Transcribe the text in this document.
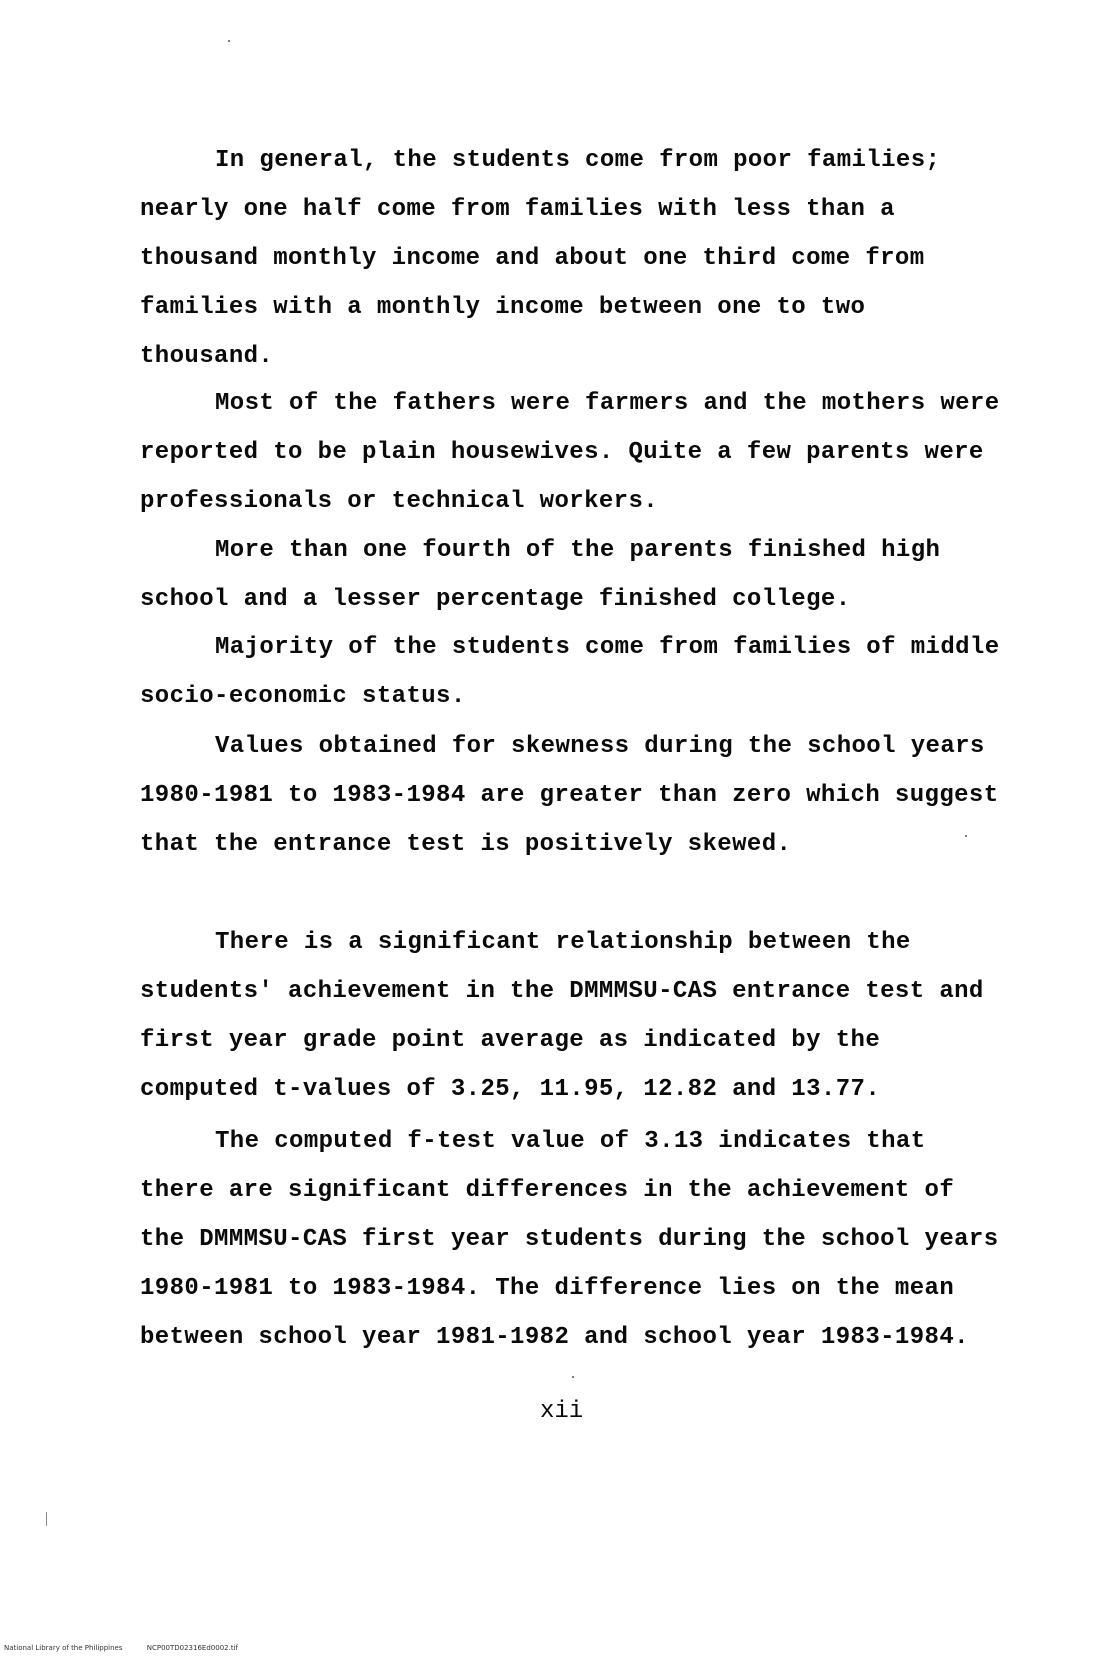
In general, the students come from poor families; nearly one half come from families with less than a thousand monthly income and about one third come from families with a monthly income between one to two thousand.

Most of the fathers were farmers and the mothers were reported to be plain housewives. Quite a few parents were professionals or technical workers.

More than one fourth of the parents finished high school and a lesser percentage finished college.

Majority of the students come from families of middle socio-economic status.

Values obtained for skewness during the school years 1980-1981 to 1983-1984 are greater than zero which suggest that the entrance test is positively skewed.

There is a significant relationship between the students' achievement in the DMMMSU-CAS entrance test and first year grade point average as indicated by the computed t-values of 3.25, 11.95, 12.82 and 13.77.

The computed f-test value of 3.13 indicates that there are significant differences in the achievement of the DMMMSU-CAS first year students during the school years 1980-1981 to 1983-1984. The difference lies on the mean between school year 1981-1982 and school year 1983-1984.

xii
National Library of the Philippines	NCP00TD02316Ed0002.tif
